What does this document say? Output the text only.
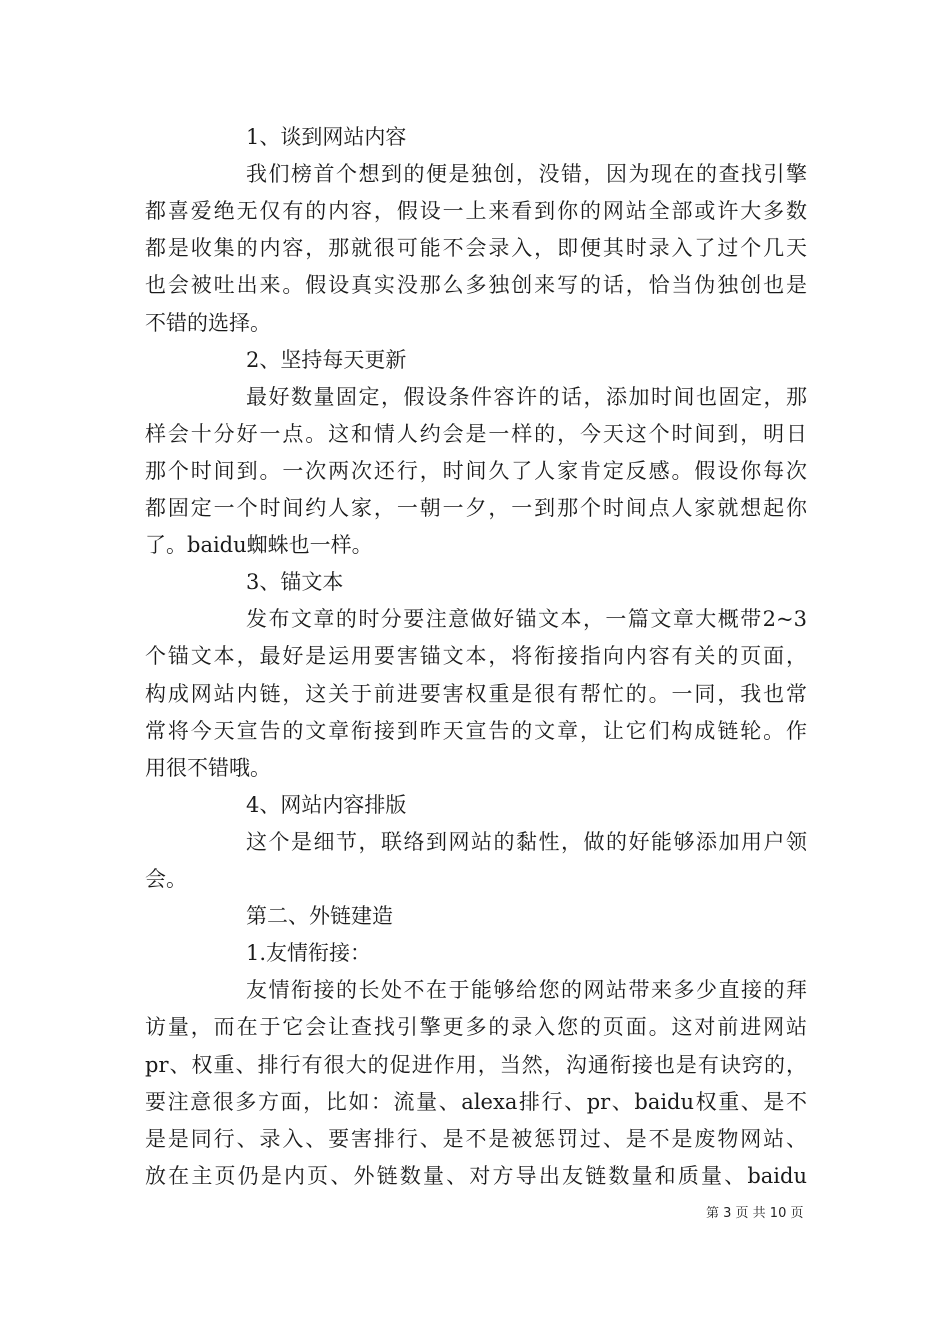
1、谈到网站内容
我们榜首个想到的便是独创，没错，因为现在的查找引擎
都喜爱绝无仅有的内容，假设一上来看到你的网站全部或许大多数
都是收集的内容，那就很可能不会录入，即便其时录入了过个几天
也会被吐出来。假设真实没那么多独创来写的话，恰当伪独创也是
不错的选择。
2、坚持每天更新
最好数量固定，假设条件容许的话，添加时间也固定，那
样会十分好一点。这和情人约会是一样的，今天这个时间到，明日
那个时间到。一次两次还行，时间久了人家肯定反感。假设你每次
都固定一个时间约人家，一朝一夕，一到那个时间点人家就想起你
了。baidu蜘蛛也一样。
3、锚文本
发布文章的时分要注意做好锚文本，一篇文章大概带2~3
个锚文本，最好是运用要害锚文本，将衔接指向内容有关的页面，
构成网站内链，这关于前进要害权重是很有帮忙的。一同，我也常
常将今天宣告的文章衔接到昨天宣告的文章，让它们构成链轮。作
用很不错哦。
4、网站内容排版
这个是细节，联络到网站的黏性，做的好能够添加用户领
会。
第二、外链建造
1.友情衔接：
友情衔接的长处不在于能够给您的网站带来多少直接的拜
访量，而在于它会让查找引擎更多的录入您的页面。这对前进网站
pr、权重、排行有很大的促进作用，当然，沟通衔接也是有诀窍的，
要注意很多方面，比如：流量、alexa排行、pr、baidu权重、是不
是是同行、录入、要害排行、是不是被惩罚过、是不是废物网站、
放在主页仍是内页、外链数量、对方导出友链数量和质量、baidu
第 3 页 共 10 页
